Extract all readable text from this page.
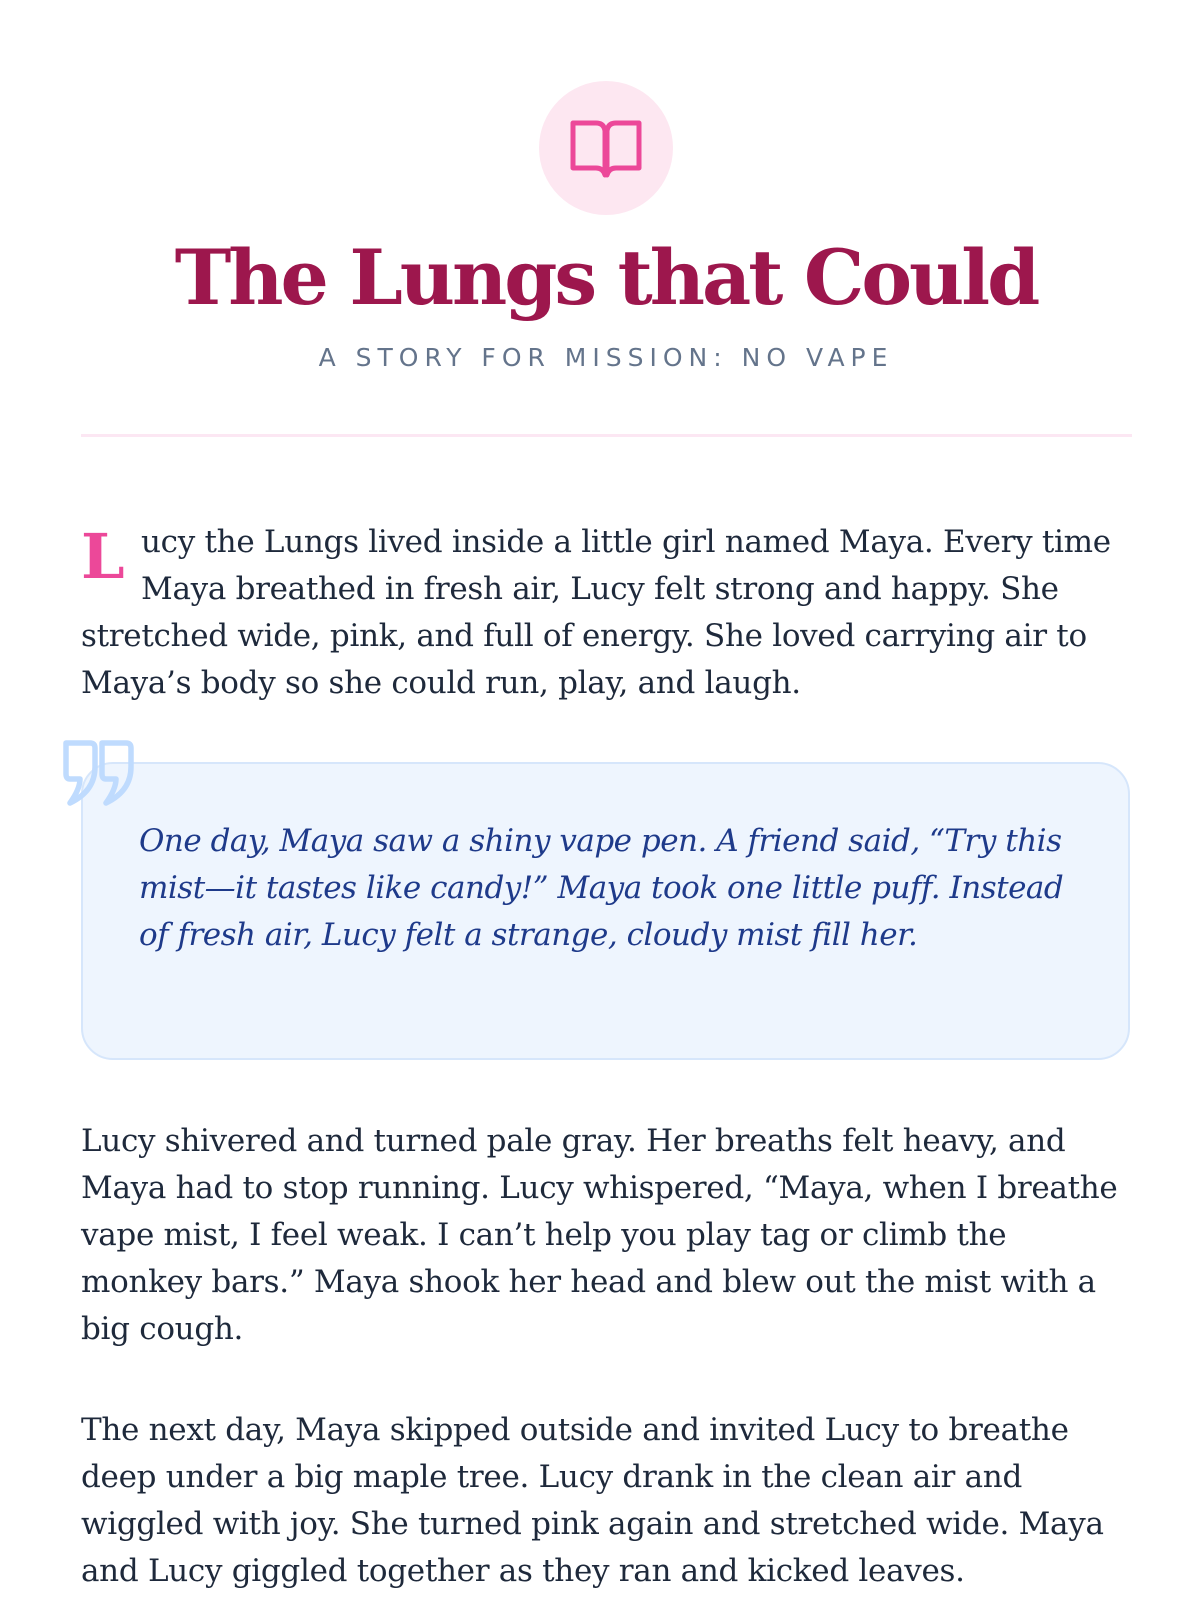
The Lungs that Could

A STORY FOR MISSION: NO VAPE

Lucy the Lungs lived inside a little girl named Maya. Every time Maya breathed in fresh air, Lucy felt strong and happy. She stretched wide, pink, and full of energy. She loved carrying air to Maya’s body so she could run, play, and laugh.

One day, Maya saw a shiny vape pen. A friend said, “Try this mist—it tastes like candy!” Maya took one little puff. Instead of fresh air, Lucy felt a strange, cloudy mist fill her.

Lucy shivered and turned pale gray. Her breaths felt heavy, and Maya had to stop running. Lucy whispered, “Maya, when I breathe vape mist, I feel weak. I can’t help you play tag or climb the monkey bars.” Maya shook her head and blew out the mist with a big cough.

The next day, Maya skipped outside and invited Lucy to breathe deep under a big maple tree. Lucy drank in the clean air and wiggled with joy. She turned pink again and stretched wide. Maya and Lucy giggled together as they ran and kicked leaves.
